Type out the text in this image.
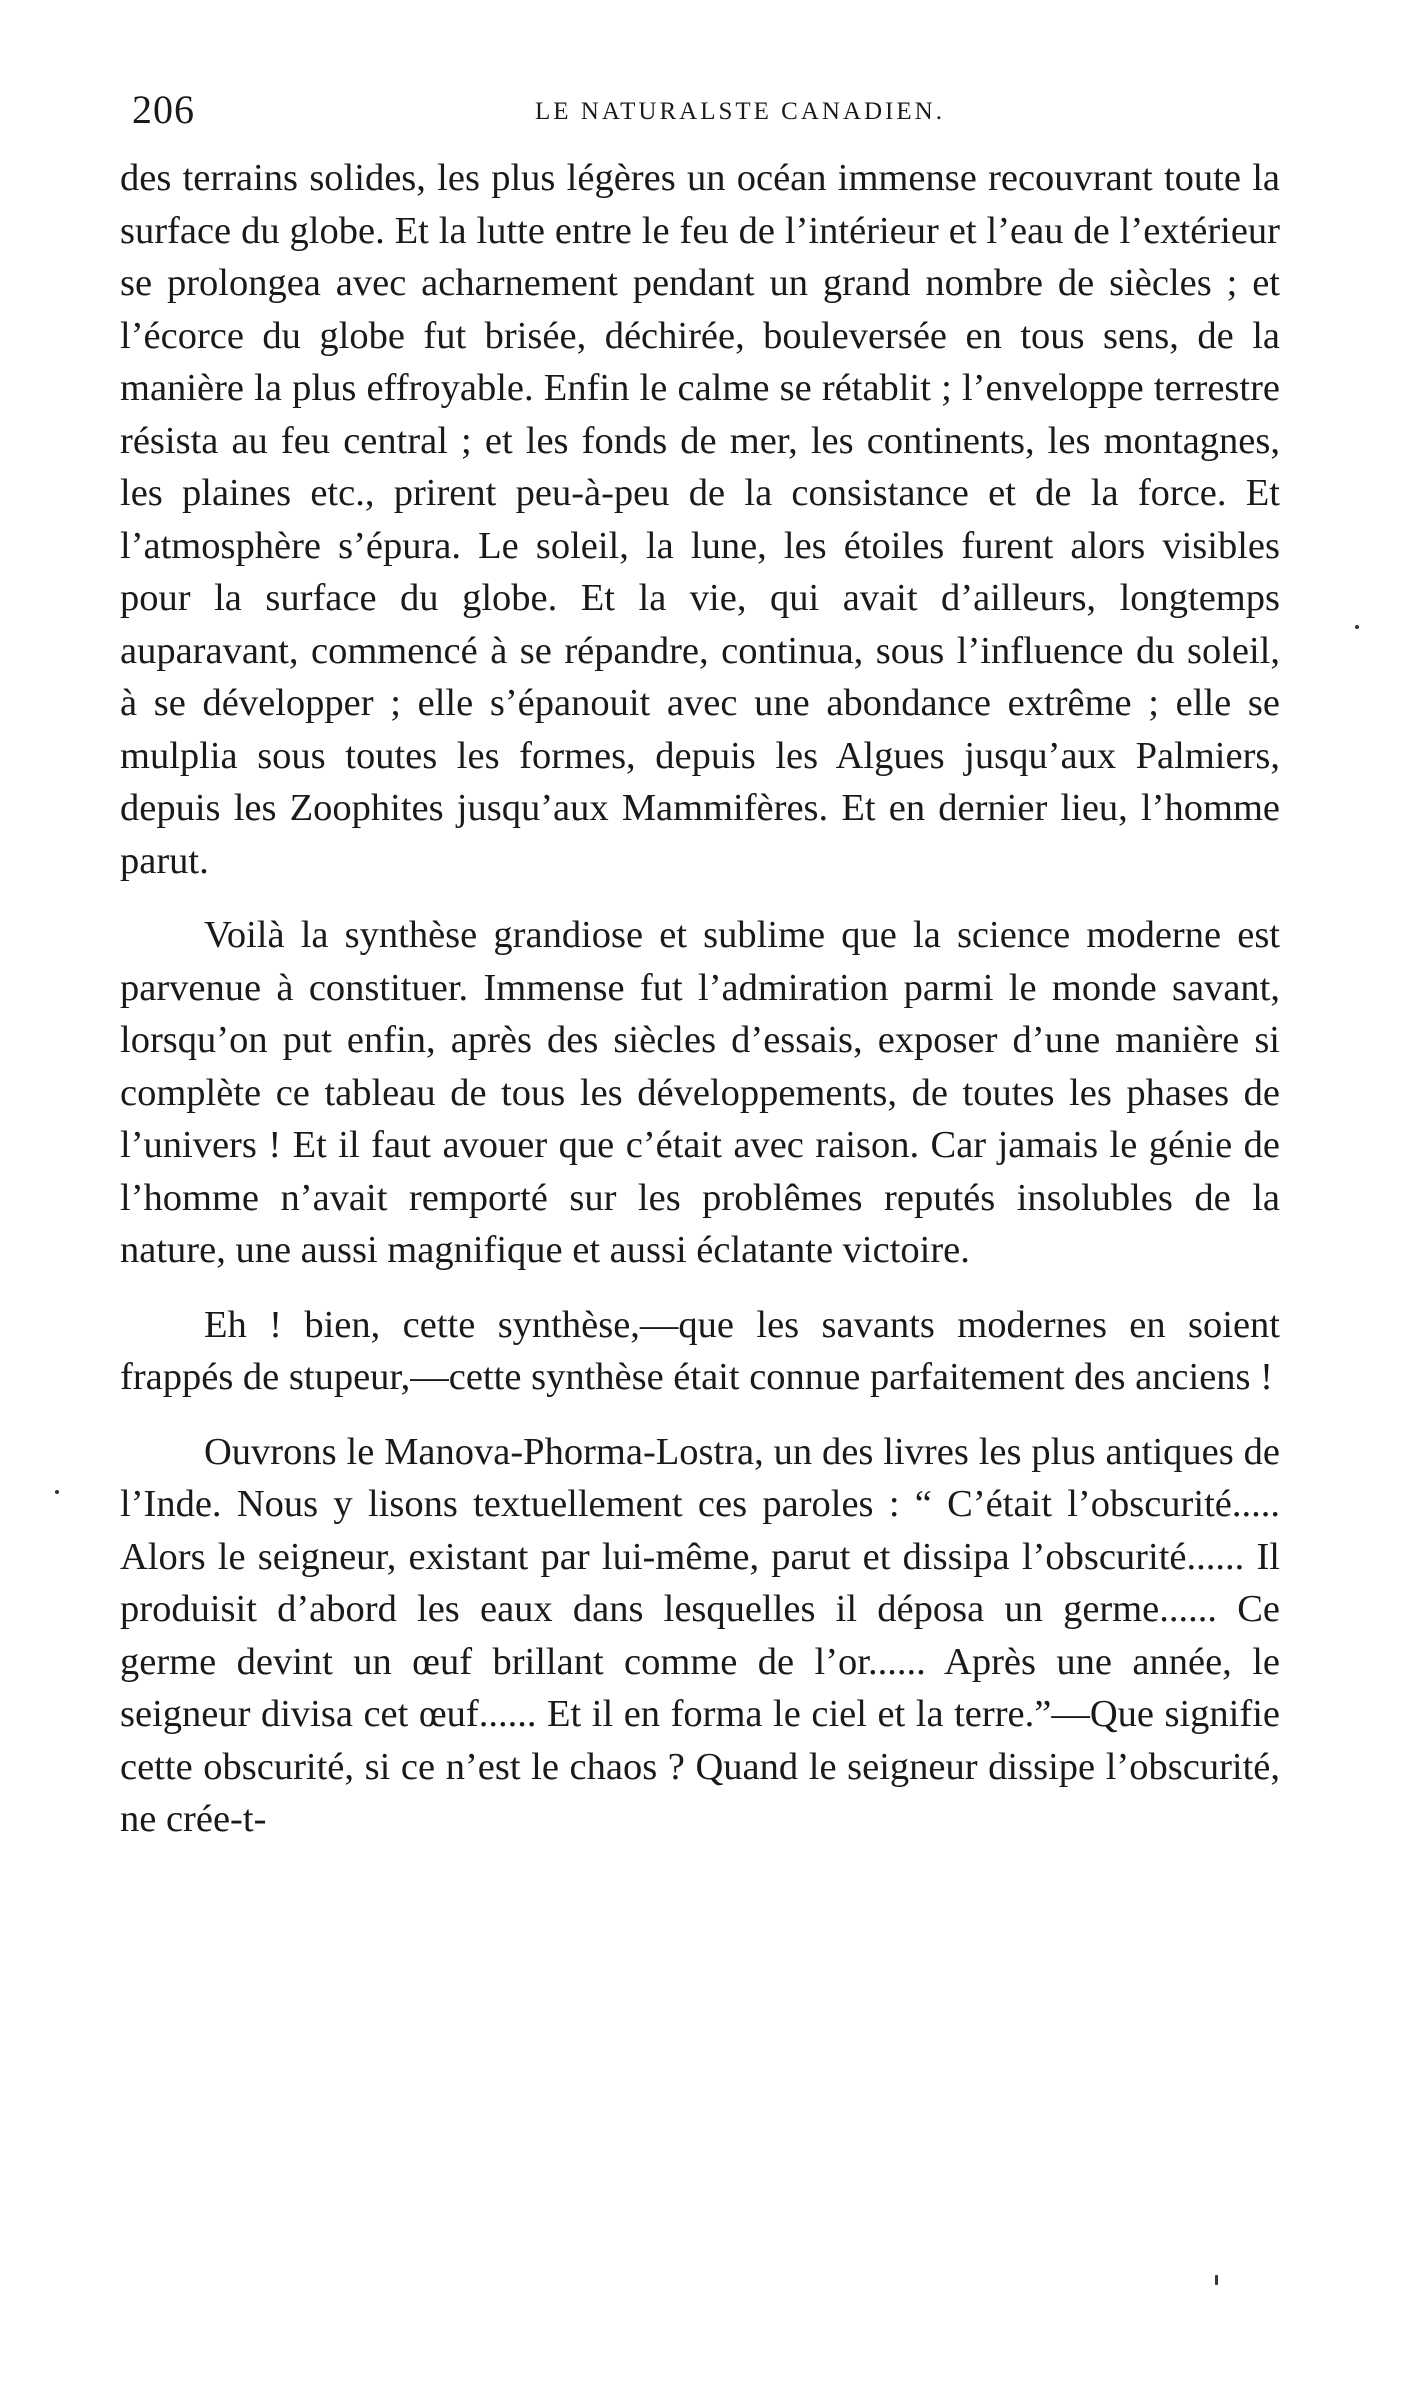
206	LE NATURALSTE CANADIEN.

des terrains solides, les plus légères un océan immense recouvrant toute la surface du globe. Et la lutte entre le feu de l’intérieur et l’eau de l’extérieur se prolongea avec acharnement pendant un grand nombre de siècles ; et l’écorce du globe fut brisée, déchirée, bouleversée en tous sens, de la manière la plus effroyable. Enfin le calme se rétablit ; l’enveloppe terrestre résista au feu central ; et les fonds de mer, les continents, les montagnes, les plaines etc., prirent peu-à-peu de la consistance et de la force. Et l’atmosphère s’épura. Le soleil, la lune, les étoiles furent alors visibles pour la surface du globe. Et la vie, qui avait d’ailleurs, longtemps auparavant, commencé à se répandre, continua, sous l’influence du soleil, à se développer ; elle s’épanouit avec une abondance extrême ; elle se mulplia sous toutes les formes, depuis les Algues jusqu’aux Palmiers, depuis les Zoophites jusqu’aux Mammifères. Et en dernier lieu, l’homme parut.

Voilà la synthèse grandiose et sublime que la science moderne est parvenue à constituer. Immense fut l’admiration parmi le monde savant, lorsqu’on put enfin, après des siècles d’essais, exposer d’une manière si complète ce tableau de tous les développements, de toutes les phases de l’univers ! Et il faut avouer que c’était avec raison. Car jamais le génie de l’homme n’avait remporté sur les problêmes reputés insolubles de la nature, une aussi magnifique et aussi éclatante victoire.

Eh ! bien, cette synthèse,—que les savants modernes en soient frappés de stupeur,—cette synthèse était connue parfaitement des anciens !

Ouvrons le Manova-Phorma-Lostra, un des livres les plus antiques de l’Inde. Nous y lisons textuellement ces paroles : “ C’était l’obscurité..... Alors le seigneur, existant par lui-même, parut et dissipa l’obscurité...... Il produisit d’abord les eaux dans lesquelles il déposa un germe...... Ce germe devint un œuf brillant comme de l’or...... Après une année, le seigneur divisa cet œuf...... Et il en forma le ciel et la terre.”—Que signifie cette obscurité, si ce n’est le chaos ? Quand le seigneur dissipe l’obscurité, ne crée-t-
